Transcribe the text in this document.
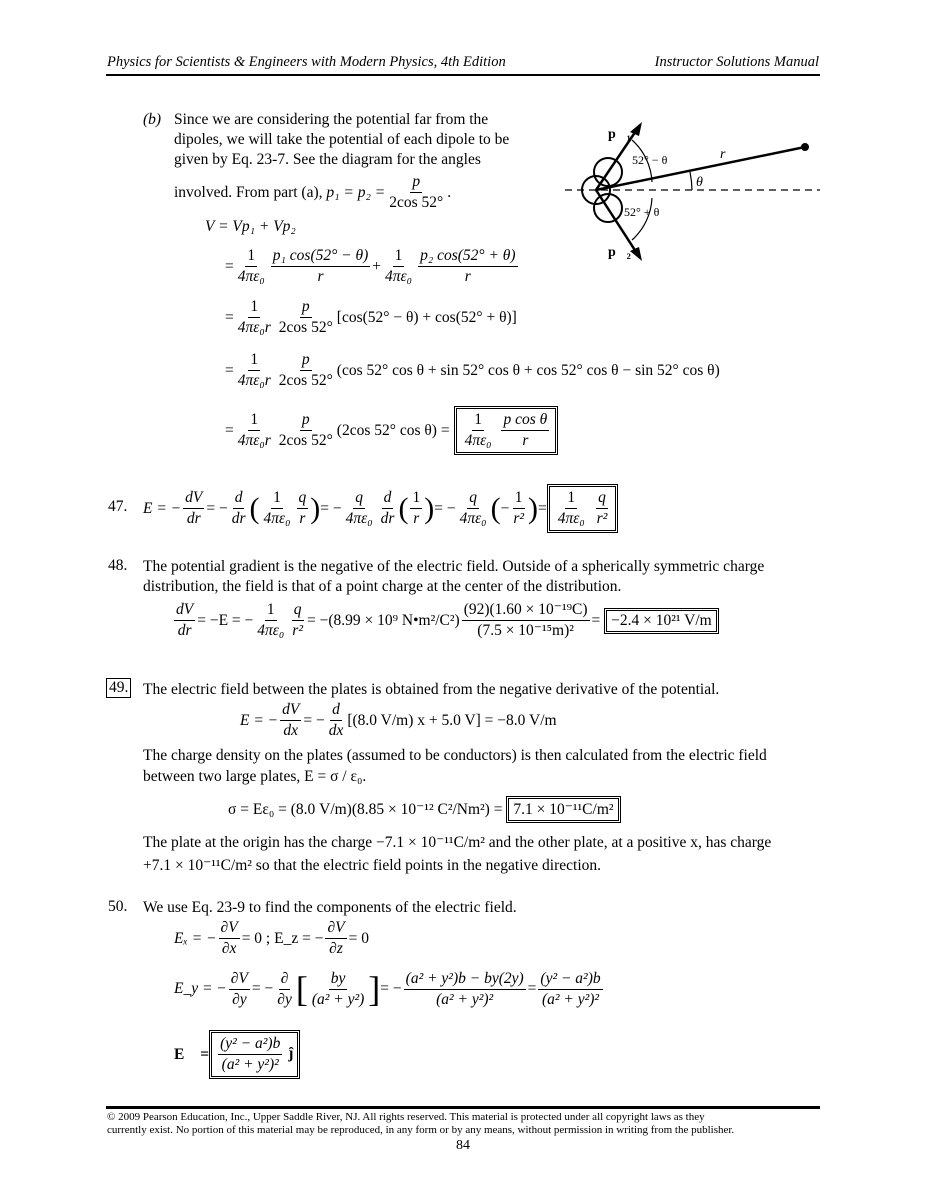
Physics for Scientists & Engineers with Modern Physics, 4th Edition	Instructor Solutions Manual
(b) Since we are considering the potential far from the
dipoles, we will take the potential of each dipole to be
given by Eq. 23-7. See the diagram for the angles
involved. From part (a),
$p_1 = p_2 = \frac{p}{2\cos 52^\circ}$ .
V = Vp₁ + Vp₂
= $\frac{1}{\text{4πε₀}} \frac{\text{p₁ cos(52° − θ)}}{r} + \frac{1}{\text{4πε₀}} \frac{\text{p₂ cos(52° + θ)}}{r}$
= $\frac{1}{\text{4πε₀r}} \frac{p}{2\cos 52^\circ} [\cos(52^\circ - \theta) + \cos(52^\circ + \theta)]$
= $\frac{1}{\text{4πε₀r}} \frac{p}{2\cos 52^\circ} (\cos$ 52° cos θ + sin 52° cos θ + cos 52° cos θ − sin 52° cos θ)
= $\frac{1}{\text{4πε₀r}} \frac{p}{2\cos 52^\circ} (2\cos$ 52° $\cos \theta) = \frac{1}{\text{4πε₀}}$
$\frac{\text{p cos θ}}{r}$
p⃗₁
p⃗₂
52° − θ
52° + θ
r
θ
47. E = − $\frac{dV}{dr}$ = − $\frac{d}{dr}$ ( $\frac{1}{\text{4πε₀}} \frac{q}{r}$ ) = − $\frac{q}{\text{4πε₀}} \frac{d}{dr}$ ( $\frac{1}{r}$ ) = − $\frac{q}{\text{4πε₀}}$ ( − $\frac{1}{\text{r²}}$ ) = $\frac{1}{\text{4πε₀}}$
$\frac{q}{\text{r²}}$
48. The potential gradient is the negative of the electric field. Outside of a spherically symmetric charge
distribution, the field is that of a point charge at the center of the distribution.
$\frac{dV}{dr} = -E$ = − $\frac{1}{\text{4πε₀}} \frac{q}{\text{r²}} = -(8.99 \times 10^9$ N•m²/C²) $\frac{\text{(92)(1.60 × 10⁻¹⁹C)}}{\text{(7.5 × 10⁻¹⁵m)²}}$ =
−2.4 × 10²¹ V/m
49. The electric field between the plates is obtained from the negative derivative of the potential.
E = − $\frac{dV}{dx}$ = − $\frac{d}{dx} [(8.0$ V/m) x + 5.0 V] = −8.0 V/m
The charge density on the plates (assumed to be conductors) is then calculated from the electric field
between two large plates, E = σ / ε₀.
σ = Eε₀ = (8.0 V/m)(8.85 × 10⁻¹² C²/Nm²) =
7.1 × 10⁻¹¹C/m²
The plate at the origin has the charge −7.1 × 10⁻¹¹C/m² and the other plate, at a positive x, has charge
+7.1 × 10⁻¹¹C/m² so that the electric field points in the negative direction.
50. We use Eq. 23-9 to find the components of the electric field.
Eₓ = − $\frac{\partial V}{\partial x} = 0$ ; E_z = − $\frac{\partial V}{\partial z} = 0$
E_y = − $\frac{\partial V}{\partial y}$ = − $\frac{\partial}{\partial y}$ [ $\frac{by}{\text{(a² + y²)}}$ ] = − $\frac{\text{(a² + y²)b − by(2y)}}{\text{(a² + y²)²}} = \frac{\text{(y² − a²)b}}{\text{(a² + y²)²}}$
E⃗ = $\frac{\text{(y² − a²)b}}{\text{(a² + y²)²}}$ ĵ
© 2009 Pearson Education, Inc., Upper Saddle River, NJ. All rights reserved. This material is protected under all copyright laws as they
currently exist. No portion of this material may be reproduced, in any form or by any means, without permission in writing from the publisher.
84
